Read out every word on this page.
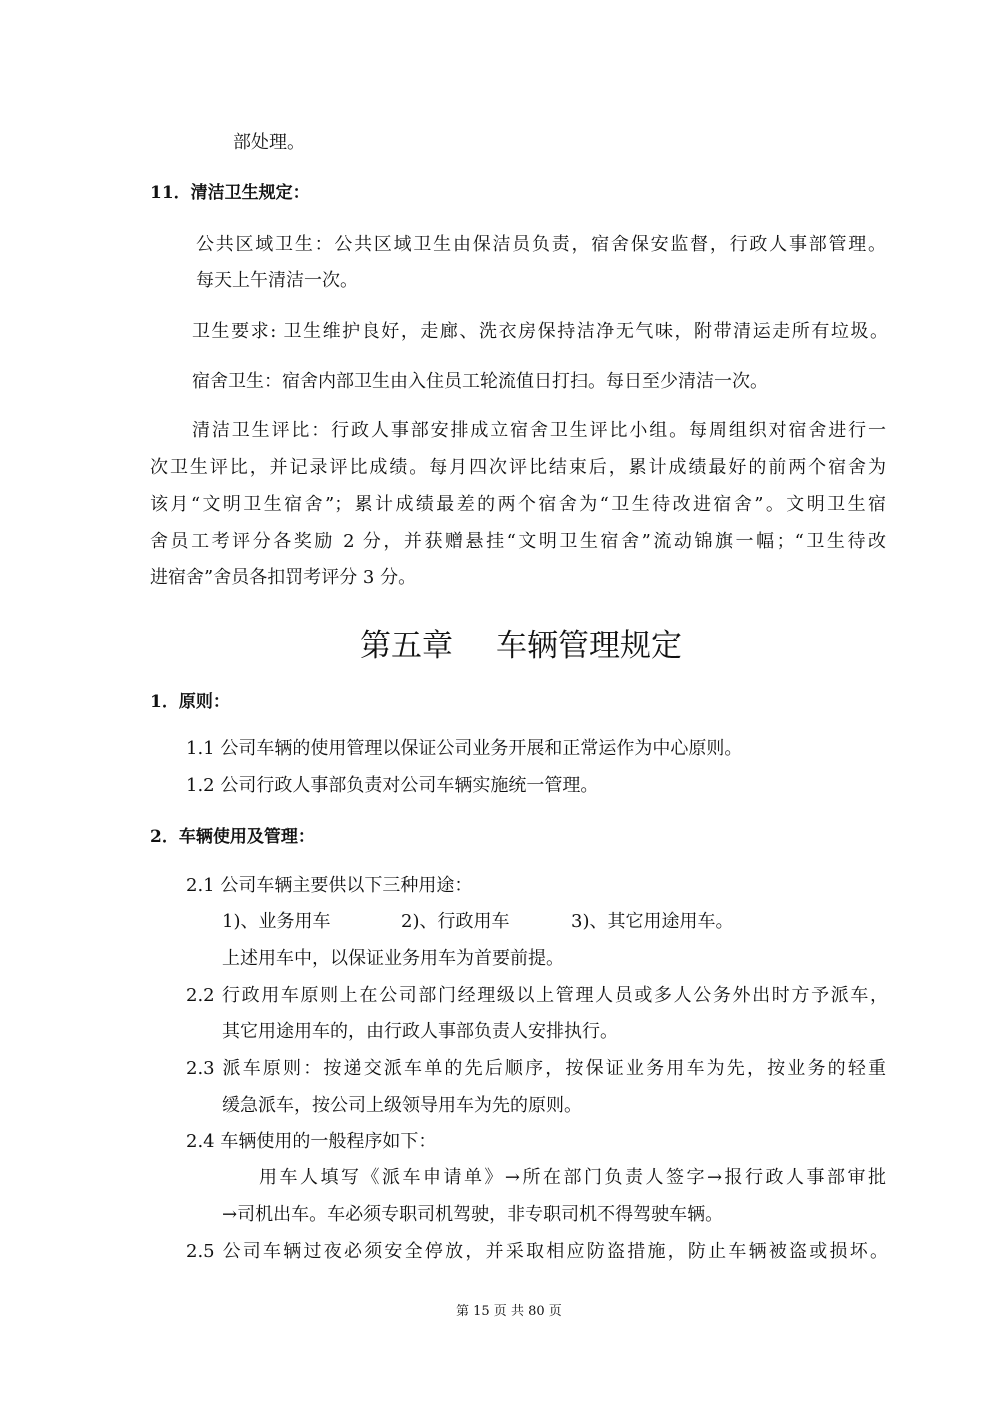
部处理。
11．清洁卫生规定：
公共区域卫生：公共区域卫生由保洁员负责，宿舍保安监督，行政人事部管理。
每天上午清洁一次。
卫生要求: 卫生维护良好，走廊、洗衣房保持洁净无气味，附带清运走所有垃圾。
宿舍卫生：宿舍内部卫生由入住员工轮流值日打扫。每日至少清洁一次。
清洁卫生评比：行政人事部安排成立宿舍卫生评比小组。每周组织对宿舍进行一
次卫生评比，并记录评比成绩。每月四次评比结束后，累计成绩最好的前两个宿舍为
该月“文明卫生宿舍”；累计成绩最差的两个宿舍为“卫生待改进宿舍”。文明卫生宿
舍员工考评分各奖励 2 分，并获赠悬挂“文明卫生宿舍”流动锦旗一幅；“卫生待改
进宿舍”舍员各扣罚考评分 3 分。
第五章 车辆管理规定
1．原则：
1.1 公司车辆的使用管理以保证公司业务开展和正常运作为中心原则。
1.2 公司行政人事部负责对公司车辆实施统一管理。
2．车辆使用及管理：
2.1 公司车辆主要供以下三种用途：
1)、业务用车	2)、行政用车	3)、其它用途用车。
上述用车中，以保证业务用车为首要前提。
2.2 行政用车原则上在公司部门经理级以上管理人员或多人公务外出时方予派车，
其它用途用车的，由行政人事部负责人安排执行。
2.3 派车原则：按递交派车单的先后顺序，按保证业务用车为先，按业务的轻重
缓急派车，按公司上级领导用车为先的原则。
2.4 车辆使用的一般程序如下：
用车人填写《派车申请单》→所在部门负责人签字→报行政人事部审批
→司机出车。车必须专职司机驾驶，非专职司机不得驾驶车辆。
2.5 公司车辆过夜必须安全停放，并采取相应防盗措施，防止车辆被盗或损坏。
第 15 页 共 80 页
